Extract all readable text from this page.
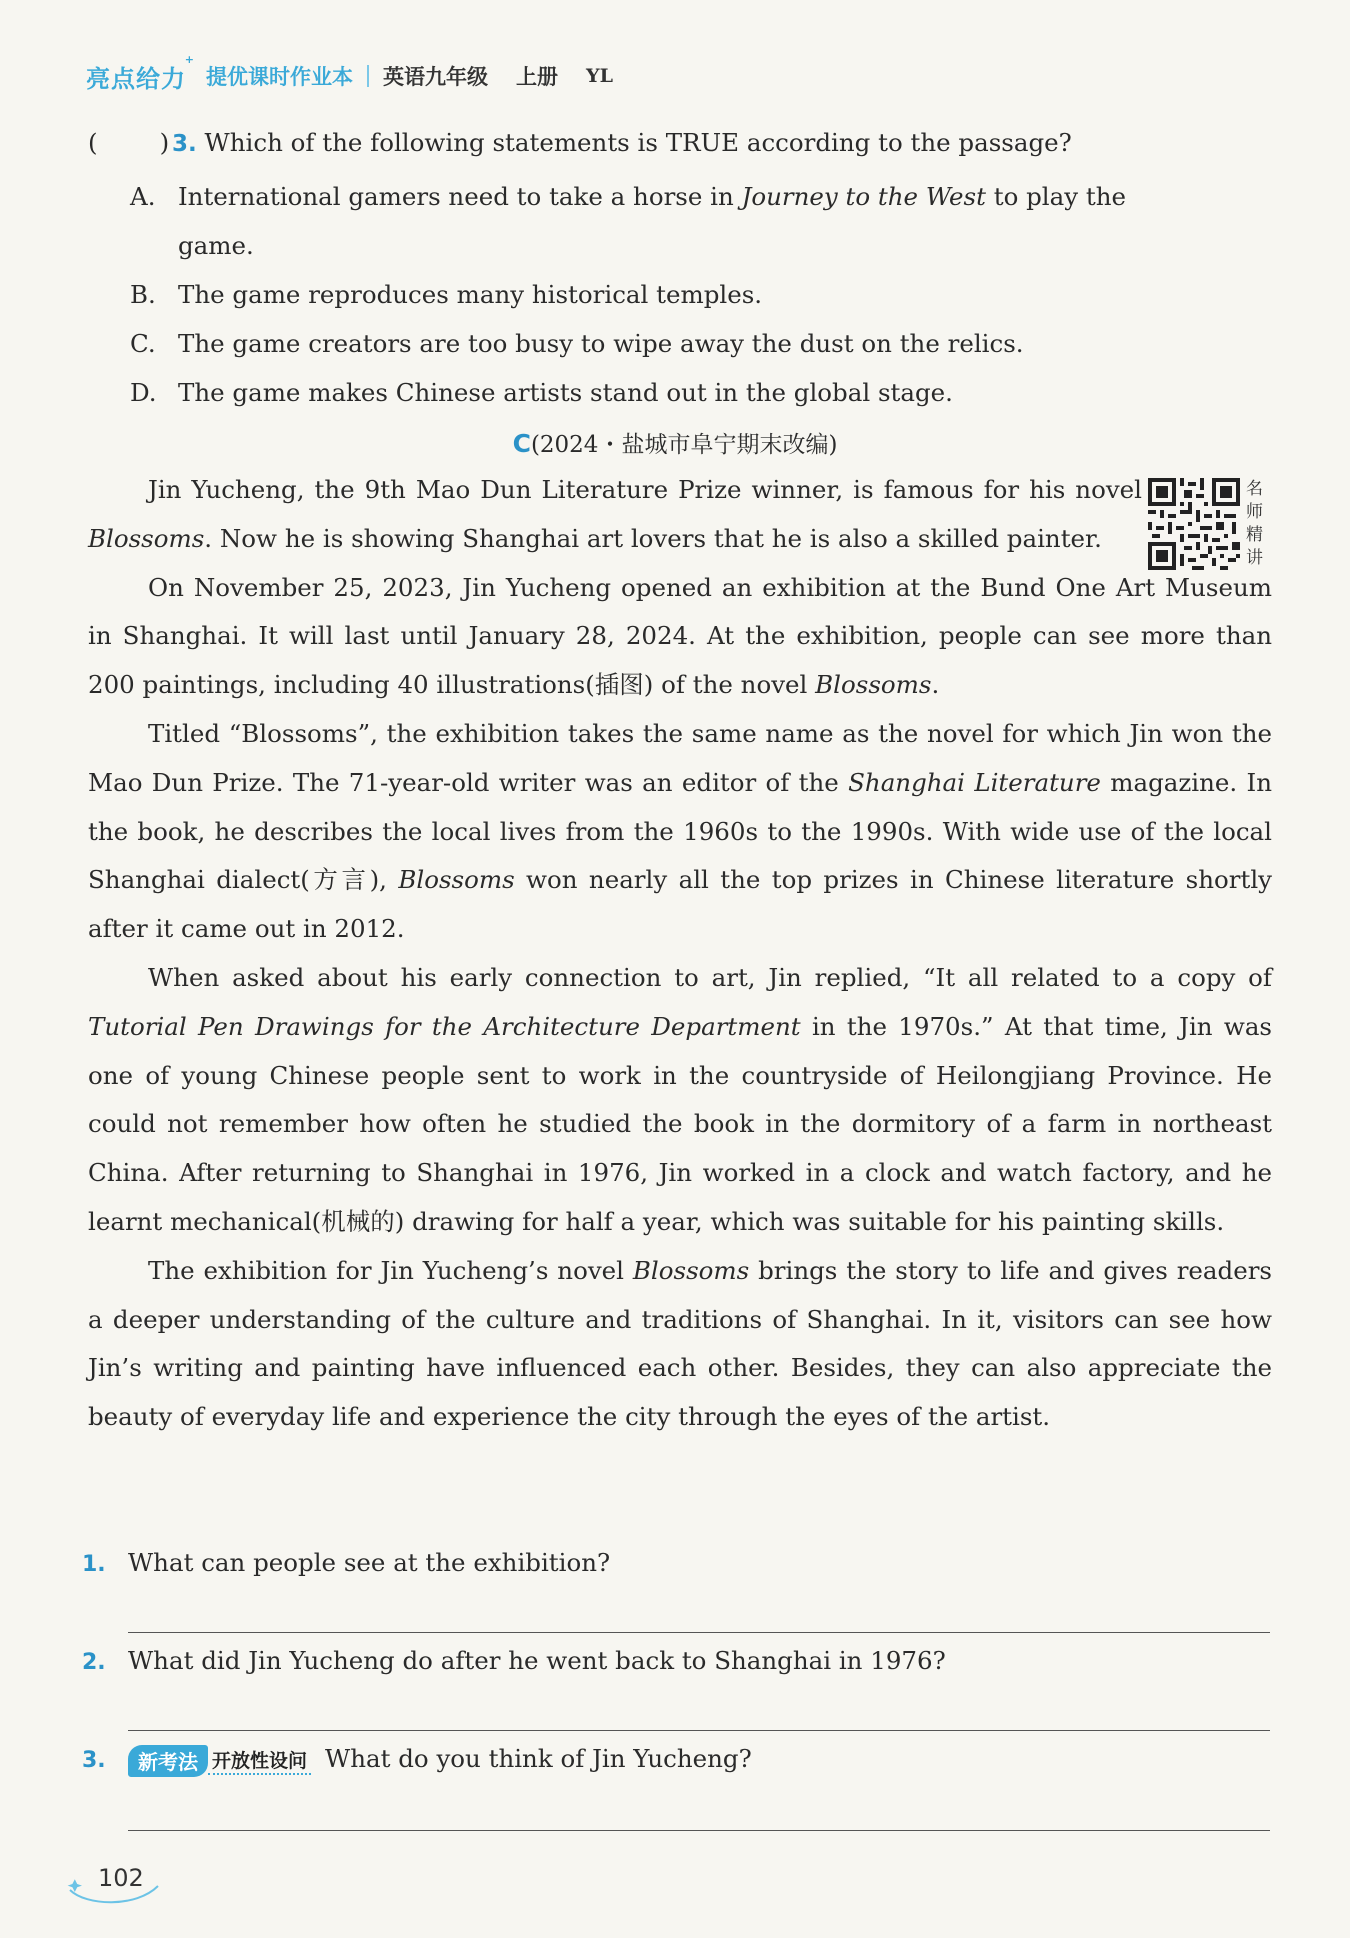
亮点给力
+
提优课时作业本 英语九年级 上册 YL
(	) 3. Which of the following statements is TRUE according to the passage?
A. International gamers need to take a horse in Journey to the West to play the
game.
B. The game reproduces many historical temples.
C. The game creators are too busy to wipe away the dust on the relics.
D. The game makes Chinese artists stand out in the global stage.
C(2024・盐城市阜宁期末改编)
名师精讲

Jin Yucheng, the 9th Mao Dun Literature Prize winner, is famous for his novel Blossoms. Now he is showing Shanghai art lovers that he is also a skilled painter.

On November 25, 2023, Jin Yucheng opened an exhibition at the Bund One Art Museum in Shanghai. It will last until January 28, 2024. At the exhibition, people can see more than 200 paintings, including 40 illustrations(插图) of the novel Blossoms.

Titled “Blossoms”, the exhibition takes the same name as the novel for which Jin won the Mao Dun Prize. The 71-year-old writer was an editor of the Shanghai Literature magazine. In the book, he describes the local lives from the 1960s to the 1990s. With wide use of the local Shanghai dialect(方言), Blossoms won nearly all the top prizes in Chinese literature shortly after it came out in 2012.

When asked about his early connection to art, Jin replied, “It all related to a copy of Tutorial Pen Drawings for the Architecture Department in the 1970s.” At that time, Jin was one of young Chinese people sent to work in the countryside of Heilongjiang Province. He could not remember how often he studied the book in the dormitory of a farm in northeast China. After returning to Shanghai in 1976, Jin worked in a clock and watch factory, and he learnt mechanical(机械的) drawing for half a year, which was suitable for his painting skills.

The exhibition for Jin Yucheng’s novel Blossoms brings the story to life and gives readers a deeper understanding of the culture and traditions of Shanghai. In it, visitors can see how Jin’s writing and painting have influenced each other. Besides, they can also appreciate the beauty of everyday life and experience the city through the eyes of the artist.

1. What can people see at the exhibition?
2. What did Jin Yucheng do after he went back to Shanghai in 1976?
3. 新考法 开放性设问 What do you think of Jin Yucheng?
102
